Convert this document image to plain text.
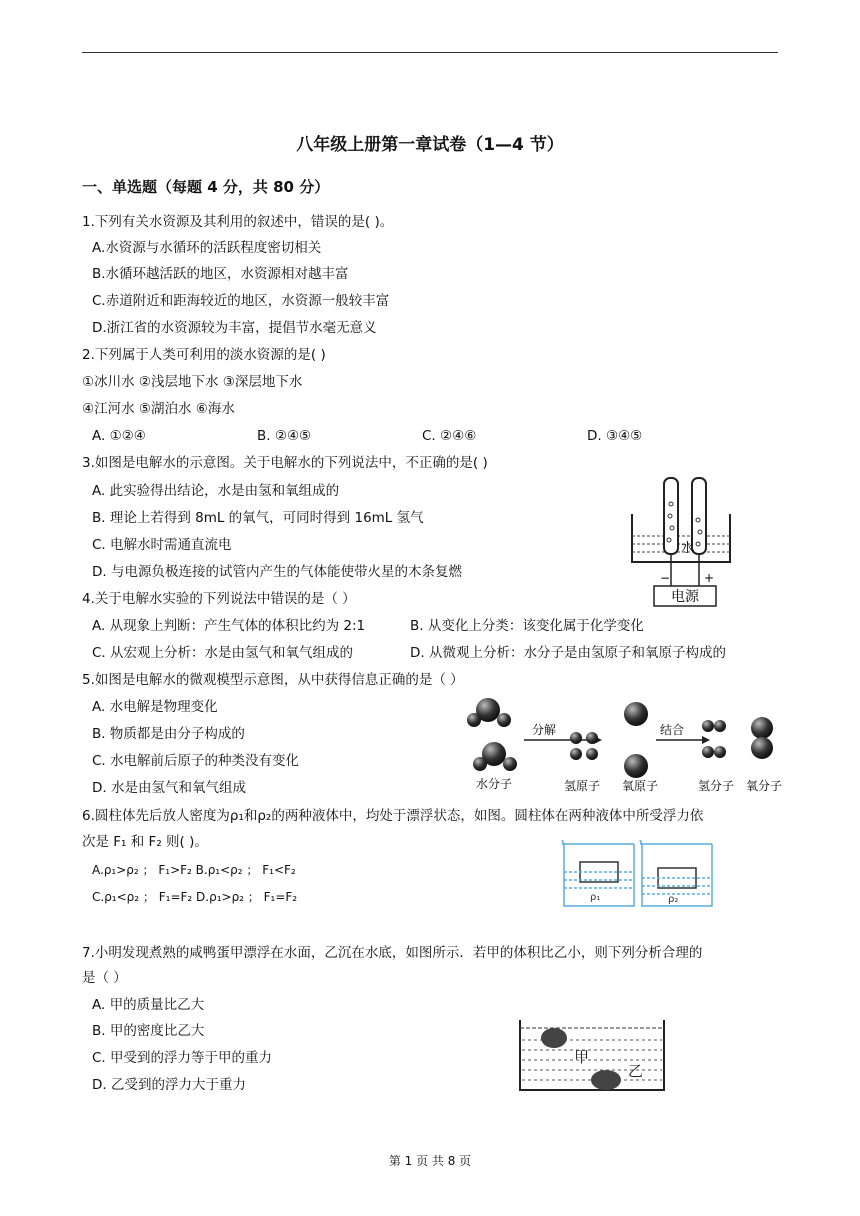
八年级上册第一章试卷（1—4 节）
一、单选题（每题 4 分，共 80 分）
1.下列有关水资源及其利用的叙述中，错误的是( )。
A.水资源与水循环的活跃程度密切相关
B.水循环越活跃的地区，水资源相对越丰富
C.赤道附近和距海较近的地区，水资源一般较丰富
D.浙江省的水资源较为丰富，提倡节水毫无意义
2.下列属于人类可利用的淡水资源的是( )
①冰川水 ②浅层地下水 ③深层地下水
④江河水 ⑤湖泊水 ⑥海水
A. ①②④	B. ②④⑤	C. ②④⑥	D. ③④⑤
3.如图是电解水的示意图。关于电解水的下列说法中，不正确的是( )
A. 此实验得出结论，水是由氢和氧组成的
B. 理论上若得到 8mL 的氧气，可同时得到 16mL 氢气
C. 电解水时需通直流电
D. 与电源负极连接的试管内产生的气体能使带火星的木条复燃
水
−	+
电源
4.关于电解水实验的下列说法中错误的是（ ）
A. 从现象上判断：产生气体的体积比约为 2:1	B. 从变化上分类：该变化属于化学变化
C. 从宏观上分析：水是由氢气和氧气组成的	D. 从微观上分析：水分子是由氢原子和氧原子构成的
5.如图是电解水的微观模型示意图，从中获得信息正确的是（ ）
A. 水电解是物理变化
B. 物质都是由分子构成的
C. 水电解前后原子的种类没有变化
D. 水是由氢气和氧气组成	水分子
分解
氢原子 氧原子
结合
氢分子 氧分子
6.圆柱体先后放人密度为ρ₁和ρ₂的两种液体中，均处于漂浮状态，如图。圆柱体在两种液体中所受浮力依
次是 F₁ 和 F₂ 则( )。
A.ρ₁>ρ₂ ； F₁>F₂ B.ρ₁<ρ₂ ； F₁<F₂
C.ρ₁<ρ₂ ； F₁=F₂ D.ρ₁>ρ₂ ； F₁=F₂	ρ₁	ρ₂
7.小明发现煮熟的咸鸭蛋甲漂浮在水面，乙沉在水底，如图所示．若甲的体积比乙小，则下列分析合理的
是（ ）
A. 甲的质量比乙大
B. 甲的密度比乙大
C. 甲受到的浮力等于甲的重力
D. 乙受到的浮力大于重力
甲
乙
第 1 页 共 8 页
